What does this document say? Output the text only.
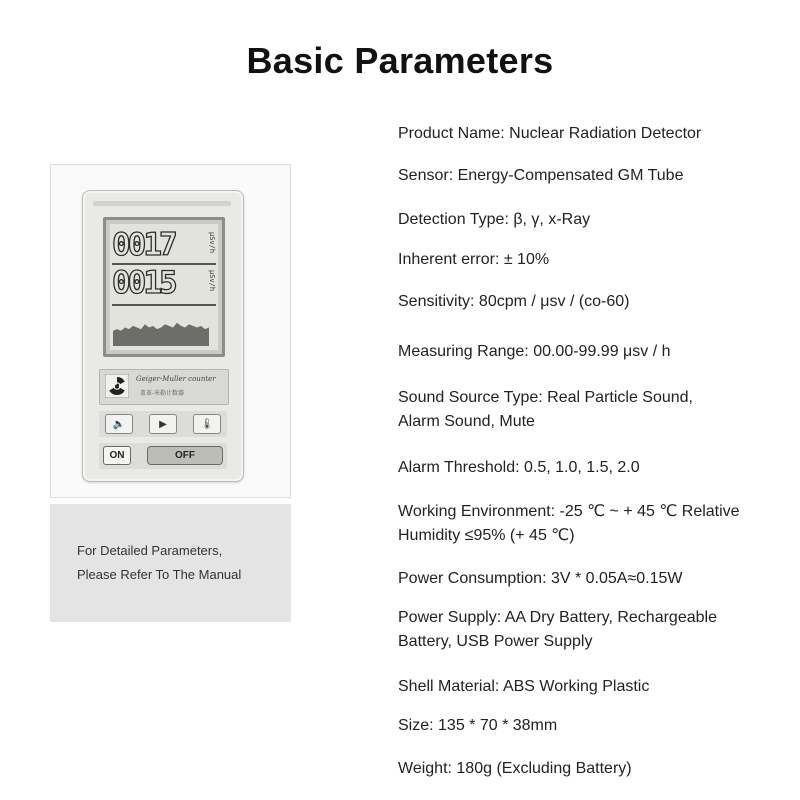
Basic Parameters
0017	μSv/h
0015	μSv/h
Geiger-Muller counter
盖革-米勒计数器
🔈	▶	🌡
ON	OFF
For Detailed Parameters,
Please Refer To The Manual
Product Name: Nuclear Radiation Detector
Sensor: Energy-Compensated GM Tube
Detection Type: β, γ, x-Ray
Inherent error: ± 10%
Sensitivity: 80cpm / μsv / (co-60)
Measuring Range: 00.00-99.99 μsv / h
Sound Source Type: Real Particle Sound,
Alarm Sound, Mute
Alarm Threshold: 0.5, 1.0, 1.5, 2.0
Working Environment: -25 ℃ ~ + 45 ℃ Relative
Humidity ≤95% (+ 45 ℃)
Power Consumption: 3V * 0.05A≈0.15W
Power Supply: AA Dry Battery, Rechargeable
Battery, USB Power Supply
Shell Material: ABS Working Plastic
Size: 135 * 70 * 38mm
Weight: 180g (Excluding Battery)
